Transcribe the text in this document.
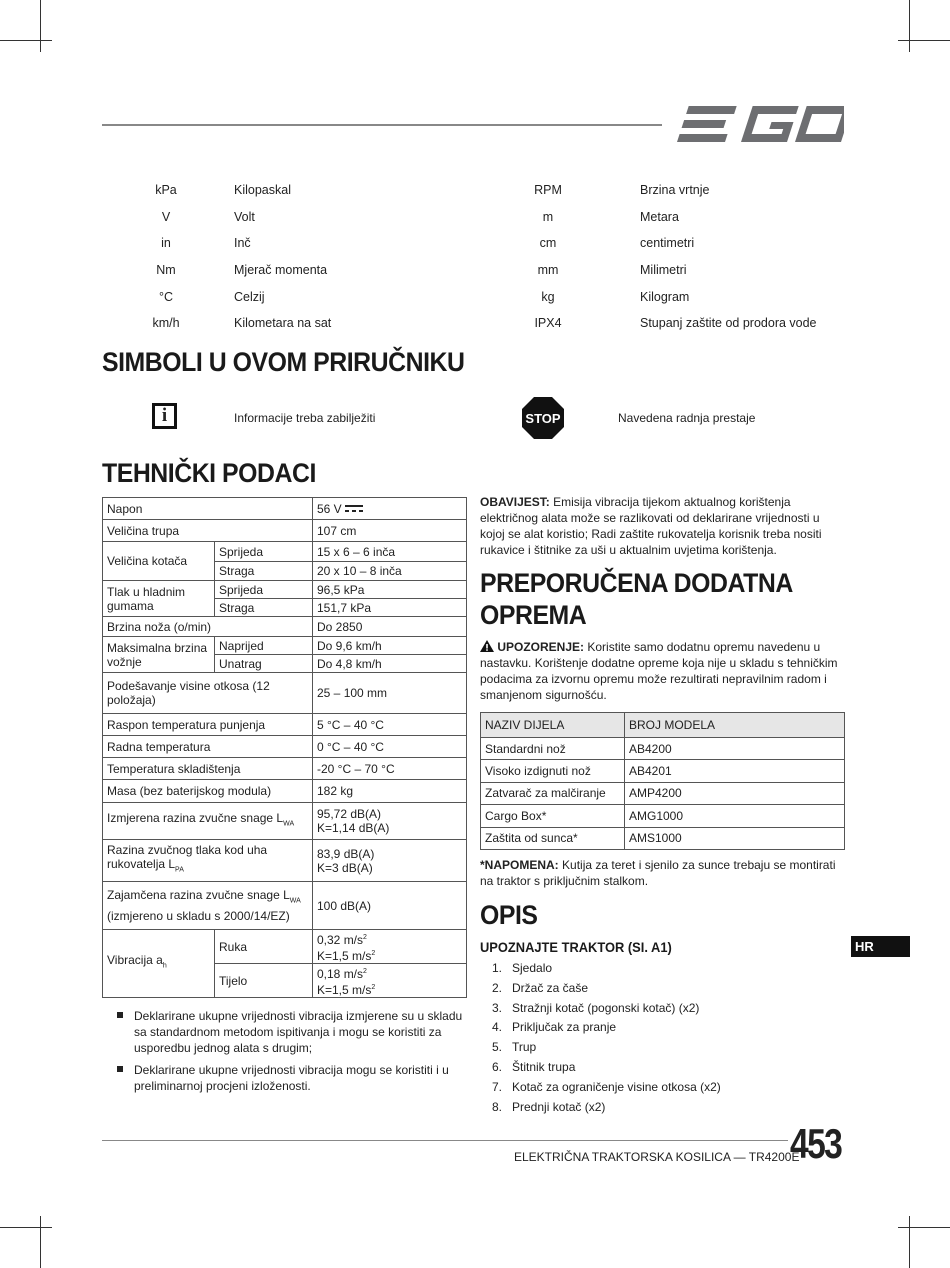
kPa	Kilopaskal	RPM	Brzina vrtnje
V	Volt	m	Metara
in	Inč	cm	centimetri
Nm	Mjerač momenta	mm	Milimetri
°C	Celzij	kg	Kilogram
km/h	Kilometara na sat	IPX4	Stupanj zaštite od prodora vode
SIMBOLI U OVOM PRIRUČNIKU
i	Informacije treba zabilježiti	STOP	Navedena radnja prestaje
TEHNIČKI PODACI
Napon		56 V
Veličina trupa		107 cm
Veličina kotača	Sprijeda	15 x 6 – 6 inča
	Straga	20 x 10 – 8 inča
Tlak u hladnim gumama	Sprijeda	96,5 kPa
	Straga	151,7 kPa
Brzina noža (o/min)		Do 2850
Maksimalna brzina vožnje	Naprijed	Do 9,6 km/h
	Unatrag	Do 4,8 km/h
Podešavanje visine otkosa (12 položaja)		25 – 100 mm
Raspon temperatura punjenja		5 °C – 40 °C
Radna temperatura		0 °C – 40 °C
Temperatura skladištenja		-20 °C – 70 °C
Masa (bez baterijskog modula)		182 kg
Izmjerena razina zvučne snage $L_{WA}$		95,72 dB(A)
K=1,14 dB(A)
Razina zvučnog tlaka kod uha
rukovatelja $L_{PA}$		83,9 dB(A)
K=3 dB(A)
Zajamčena razina zvučne snage $L_{WA}$
(izmjereno u skladu s 2000/14/EZ)		100 dB(A)
Vibracija $a_h$	Ruka	0,32 $m/s^2$
K=1,5 $m/s^2$
	Tijelo	0,18 $m/s^2$
K=1,5 $m/s^2$
Deklarirane ukupne vrijednosti vibracija izmjerene su u skladu sa standardnom metodom ispitivanja i mogu se koristiti za usporedbu jednog alata s drugim;
Deklarirane ukupne vrijednosti vibracija mogu se koristiti i u preliminarnoj procjeni izloženosti.
OBAVIJEST: Emisija vibracija tijekom aktualnog korištenja električnog alata može se razlikovati od deklarirane vrijednosti u kojoj se alat koristio; Radi zaštite rukovatelja korisnik treba nositi rukavice i štitnike za uši u aktualnim uvjetima korištenja.
PREPORUČENA DODATNA
OPREMA
UPOZORENJE: Koristite samo dodatnu opremu navedenu u nastavku. Korištenje dodatne opreme koja nije u skladu s tehničkim podacima za izvornu opremu može rezultirati nepravilnim radom i smanjenom sigurnošću.
NAZIV DIJELA	BROJ MODELA
Standardni nož	AB4200
Visoko izdignuti nož	AB4201
Zatvarač za malčiranje	AMP4200
Cargo Box*	AMG1000
Zaštita od sunca*	AMS1000
*NAPOMENA: Kutija za teret i sjenilo za sunce trebaju se montirati na traktor s priključnim stalkom.
OPIS
UPOZNAJTE TRAKTOR (SI. A1)
1. Sjedalo
2. Držač za čaše
3. Stražnji kotač (pogonski kotač) (x2)
4. Priključak za pranje
5. Trup
6. Štitnik trupa
7. Kotač za ograničenje visine otkosa (x2)
8. Prednji kotač (x2)
HR
ELEKTRIČNA TRAKTORSKA KOSILICA — TR4200E
453
